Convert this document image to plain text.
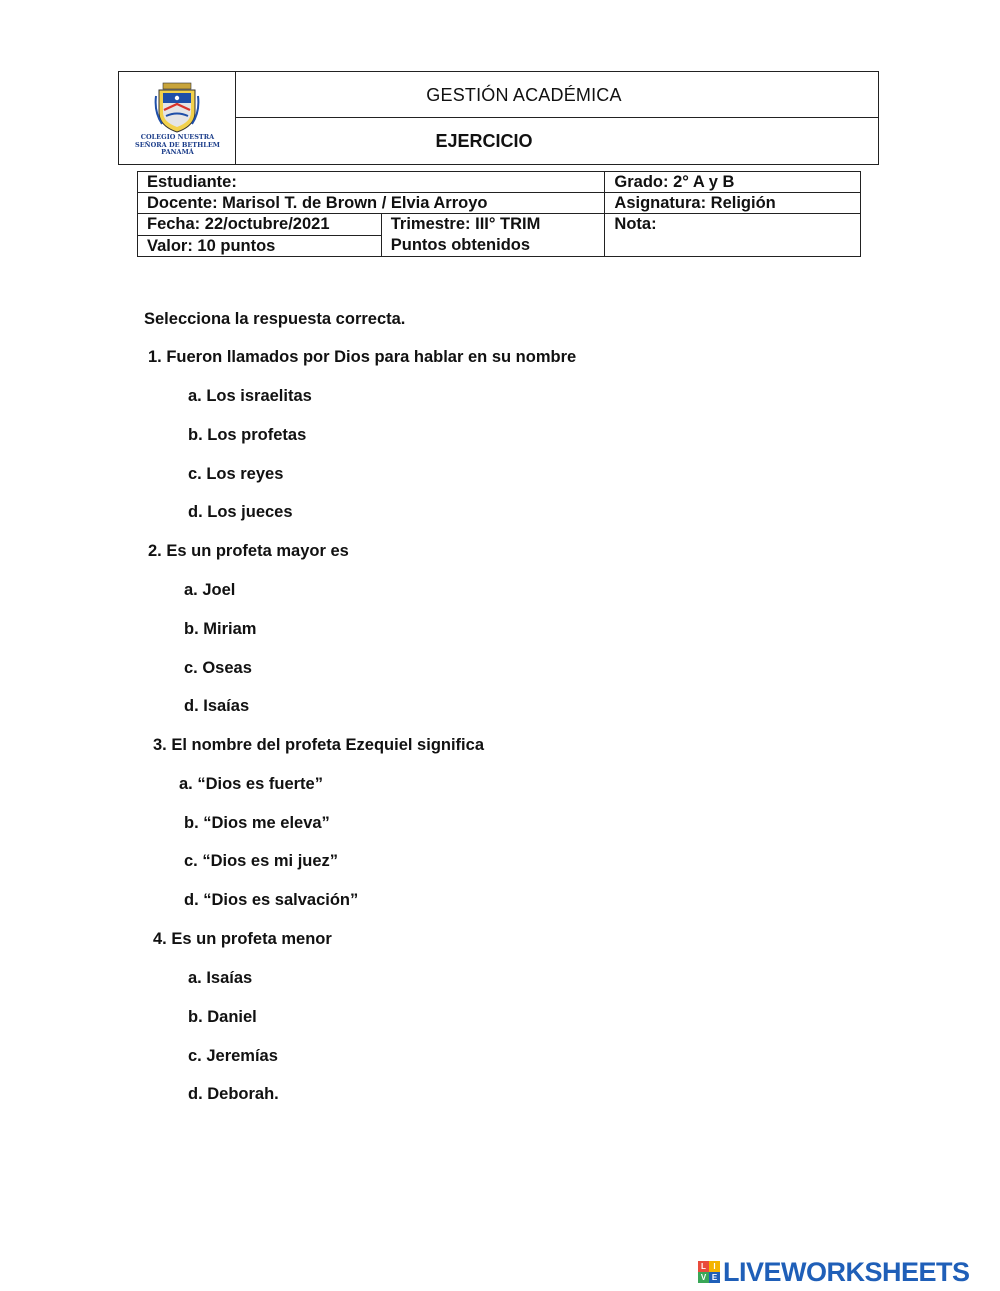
COLEGIO NUESTRA
SEÑORA DE BETHLEM
PANAMÁ
GESTIÓN ACADÉMICA
EJERCICIO
Estudiante:		Grado: 2° A y B
Docente: Marisol T. de Brown / Elvia Arroyo		Asignatura: Religión
Fecha: 22/octubre/2021	Trimestre: III° TRIM	Nota:
Valor: 10 puntos	Puntos obtenidos	
Selecciona la respuesta correcta.
1. Fueron llamados por Dios para hablar en su nombre
a. Los israelitas
b. Los profetas
c. Los reyes
d. Los jueces
2. Es un profeta mayor es
a. Joel
b. Miriam
c. Oseas
d. Isaías
3. El nombre del profeta Ezequiel significa
a. “Dios es fuerte”
b. “Dios me eleva”
c. “Dios es mi juez”
d. “Dios es salvación”
4. Es un profeta menor
a. Isaías
b. Daniel
c. Jeremías
d. Deborah.
L I
V E LIVEWORKSHEETS
